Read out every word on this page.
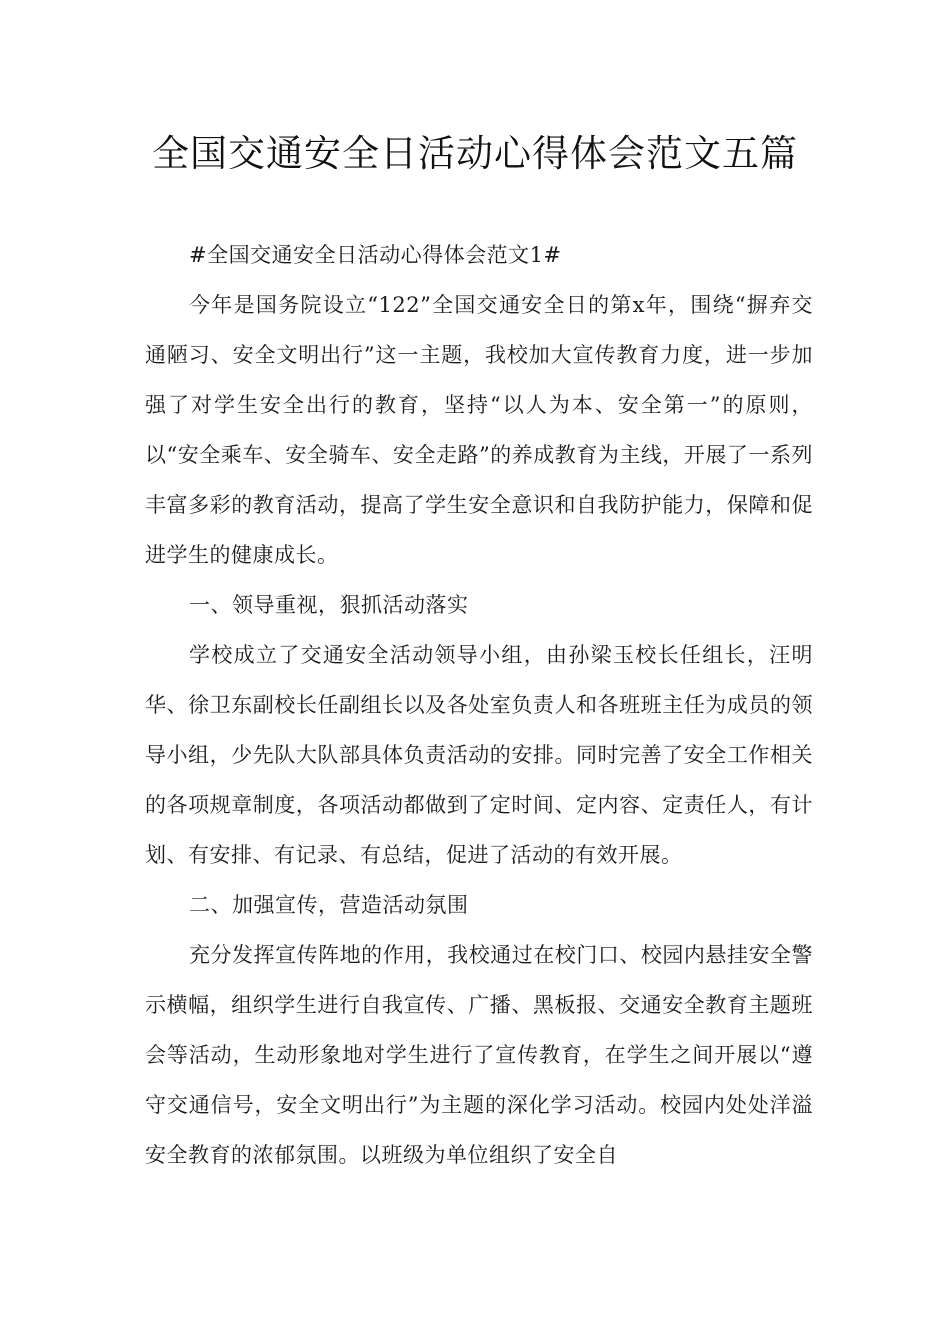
全国交通安全日活动心得体会范文五篇

#全国交通安全日活动心得体会范文1#

今年是国务院设立“122”全国交通安全日的第x年，围绕“摒弃交通陋习、安全文明出行”这一主题，我校加大宣传教育力度，进一步加强了对学生安全出行的教育，坚持“以人为本、安全第一”的原则，以“安全乘车、安全骑车、安全走路”的养成教育为主线，开展了一系列丰富多彩的教育活动，提高了学生安全意识和自我防护能力，保障和促进学生的健康成长。

一、领导重视，狠抓活动落实

学校成立了交通安全活动领导小组，由孙梁玉校长任组长，汪明华、徐卫东副校长任副组长以及各处室负责人和各班班主任为成员的领导小组，少先队大队部具体负责活动的安排。同时完善了安全工作相关的各项规章制度，各项活动都做到了定时间、定内容、定责任人，有计划、有安排、有记录、有总结，促进了活动的有效开展。

二、加强宣传，营造活动氛围

充分发挥宣传阵地的作用，我校通过在校门口、校园内悬挂安全警示横幅，组织学生进行自我宣传、广播、黑板报、交通安全教育主题班会等活动，生动形象地对学生进行了宣传教育，在学生之间开展以“遵守交通信号，安全文明出行”为主题的深化学习活动。校园内处处洋溢安全教育的浓郁氛围。以班级为单位组织了安全自
